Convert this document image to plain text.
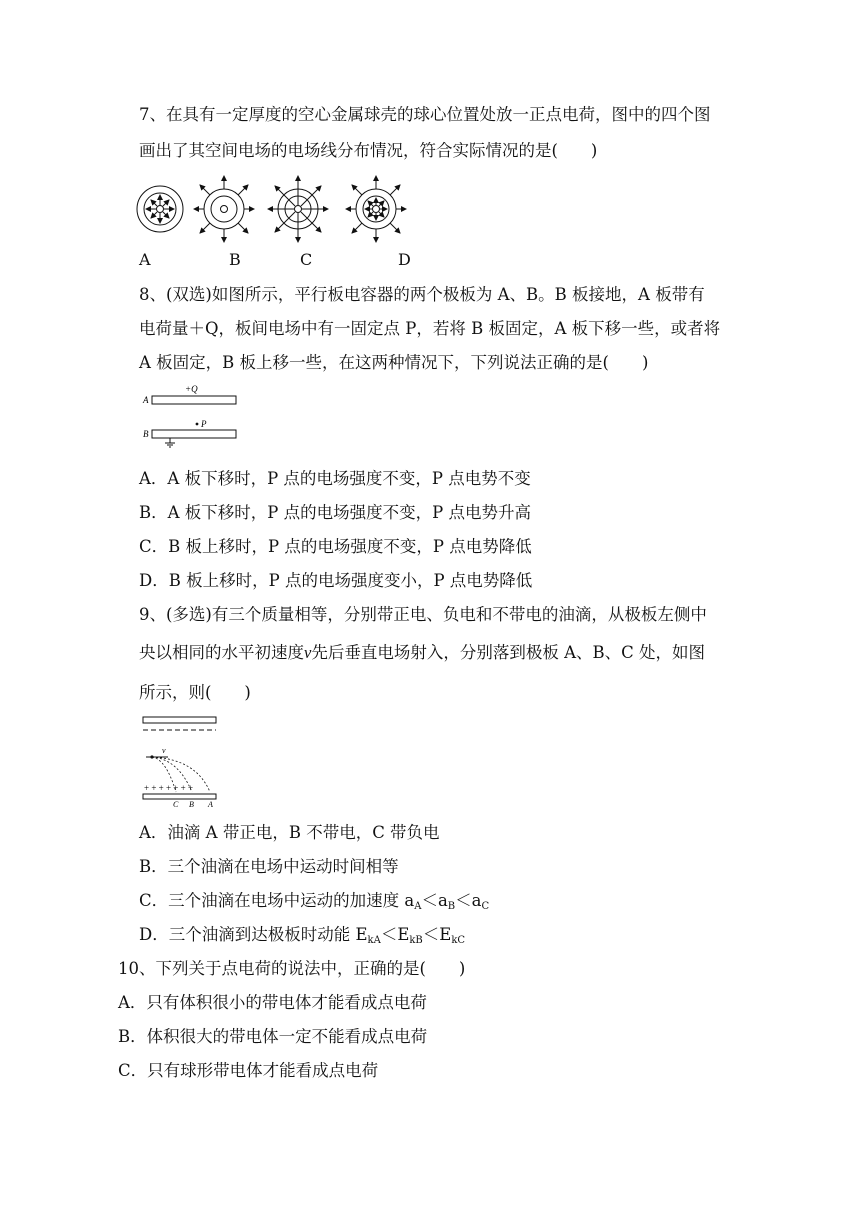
7、在具有一定厚度的空心金属球壳的球心位置处放一正点电荷，图中的四个图
画出了其空间电场的电场线分布情况，符合实际情况的是(　　)
A	B	C	D
8、(双选)如图所示，平行板电容器的两个极板为 A、B。B 板接地，A 板带有
电荷量＋Q，板间电场中有一固定点 P，若将 B 板固定，A 板下移一些，或者将
A 板固定，B 板上移一些，在这两种情况下，下列说法正确的是(　　)
A
+Q
P
B
A．A 板下移时，P 点的电场强度不变，P 点电势不变
B．A 板下移时，P 点的电场强度不变，P 点电势升高
C．B 板上移时，P 点的电场强度不变，P 点电势降低
D．B 板上移时，P 点的电场强度变小，P 点电势降低
9、(多选)有三个质量相等，分别带正电、负电和不带电的油滴，从极板左侧中
央以相同的水平初速度v先后垂直电场射入，分别落到极板 A、B、C 处，如图
所示，则(　　)
v
+ + + + + + +
C B A
A．油滴 A 带正电，B 不带电，C 带负电
B．三个油滴在电场中运动时间相等
C．三个油滴在电场中运动的加速度 $a_A<a_B<a_C$
D．三个油滴到达极板时动能 $E_{kA}<E_{kB}<E_{kC}$
10、下列关于点电荷的说法中，正确的是(　　)
A．只有体积很小的带电体才能看成点电荷
B．体积很大的带电体一定不能看成点电荷
C．只有球形带电体才能看成点电荷
